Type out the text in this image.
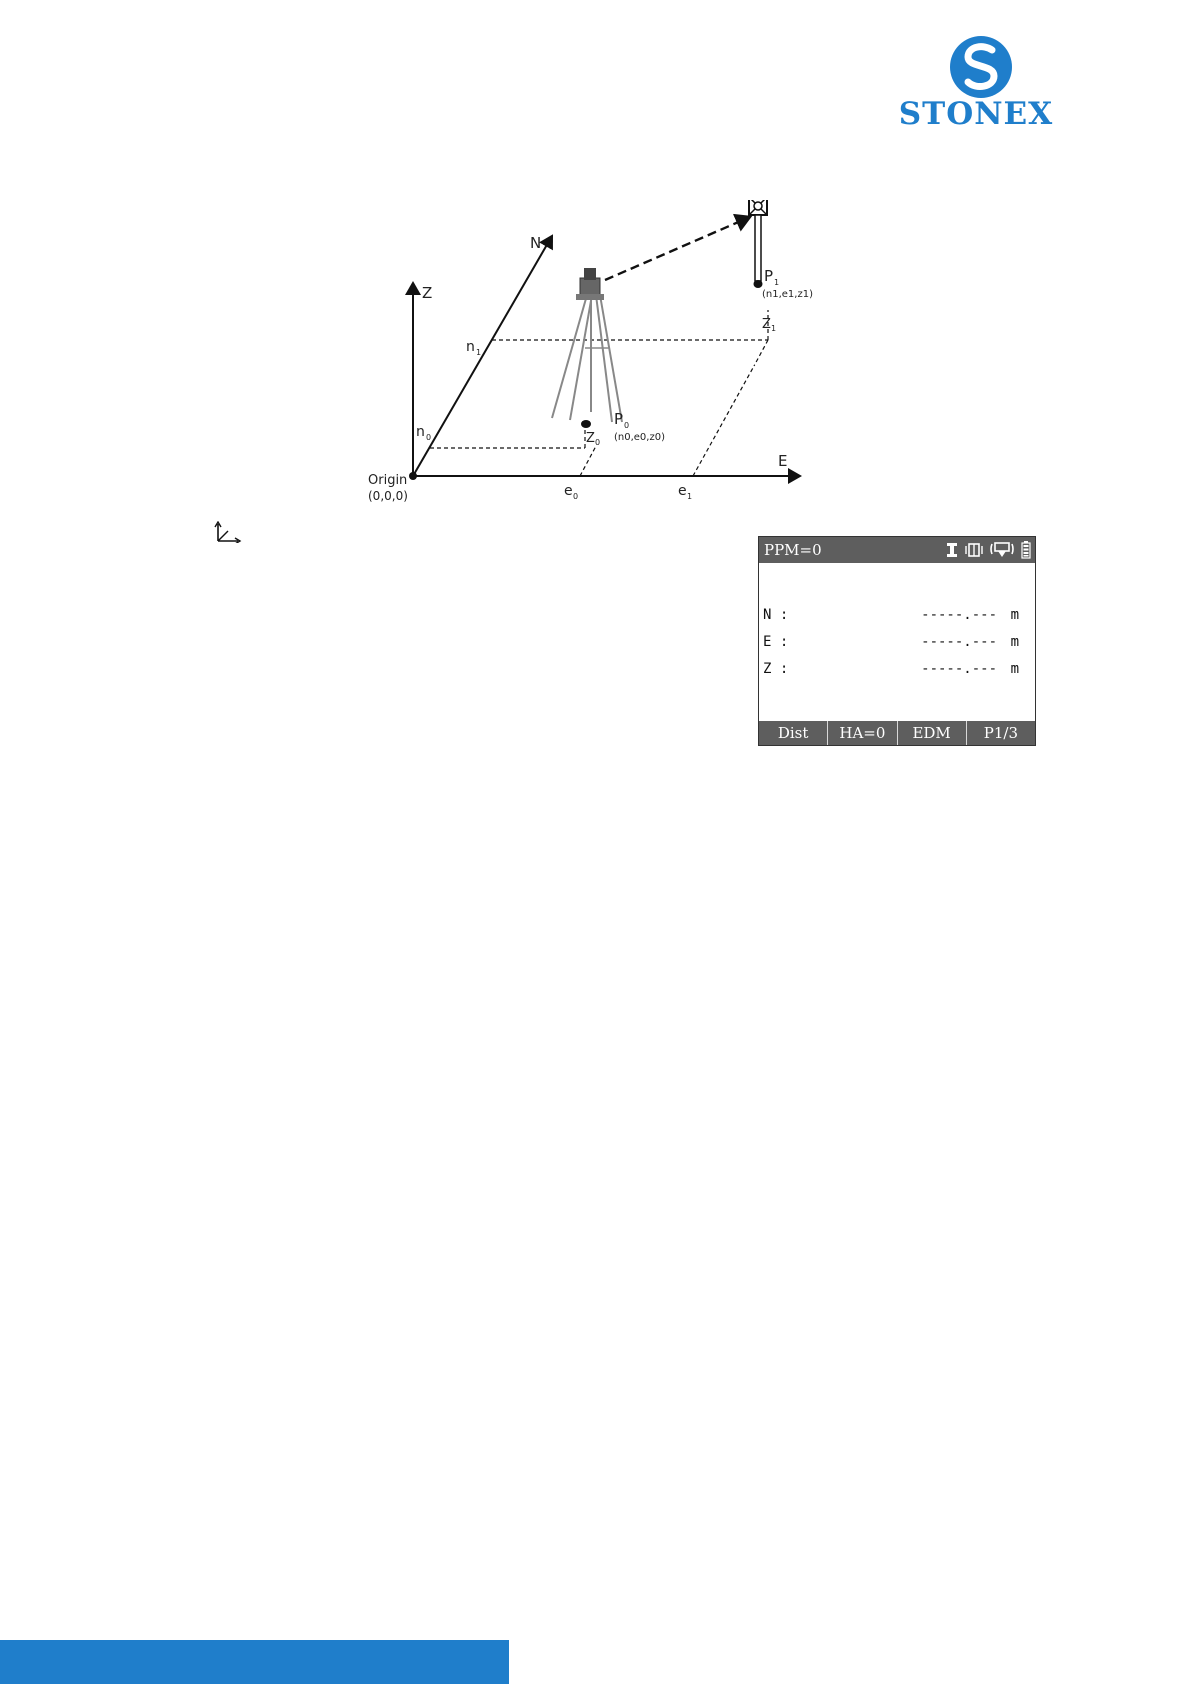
STONEX
N
Z
E
Origin
(0,0,0)
n 0
n 1
e 0	e 1
Z 0
Z 1
P 0
(n0,e0,z0)
P 1
(n1,e1,z1)
PPM=0
N :	-----.--- m
E :	-----.--- m
Z :	-----.--- m
Dist	HA=0	EDM	P1/3
